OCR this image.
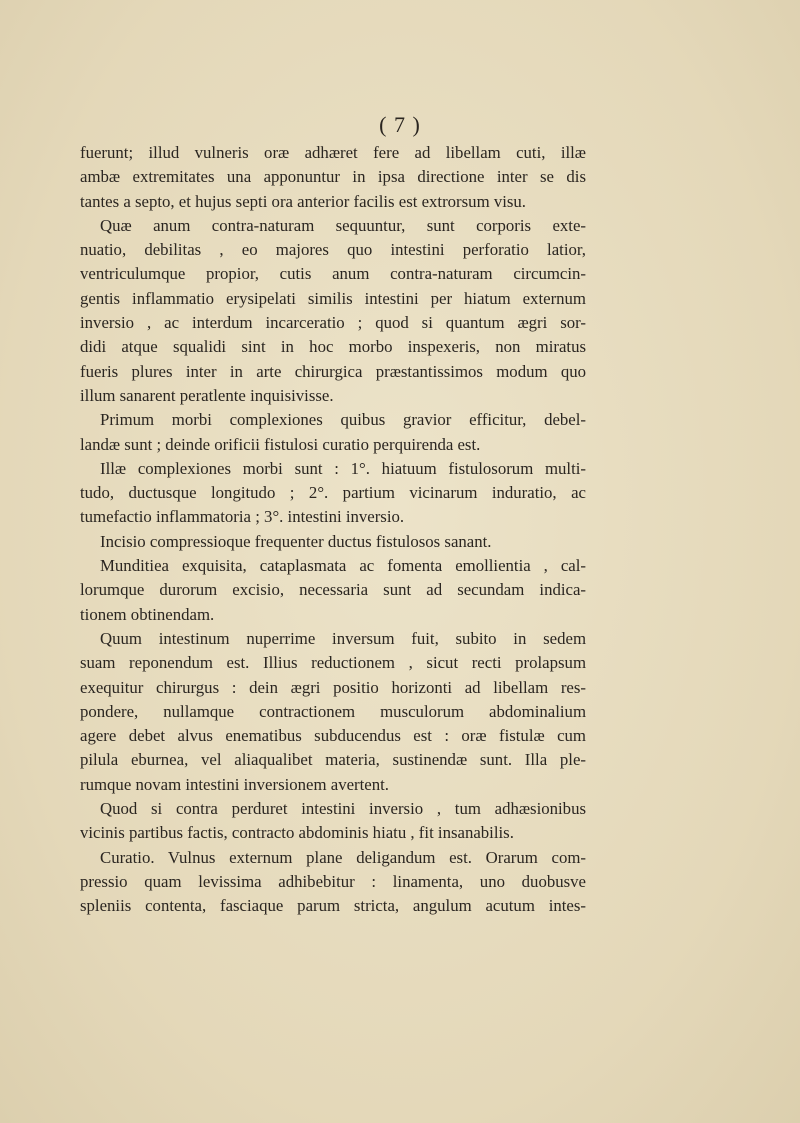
( 7 )
fuerunt; illud vulneris oræ adhæret fere ad libellam cuti, illæ
ambæ extremitates una apponuntur in ipsa directione inter se dis
tantes a septo, et hujus septi ora anterior facilis est extrorsum visu.
Quæ anum contra-naturam sequuntur, sunt corporis exte-
nuatio, debilitas , eo majores quo intestini perforatio latior,
ventriculumque propior, cutis anum contra-naturam circumcin-
gentis inflammatio erysipelati similis intestini per hiatum externum
inversio , ac interdum incarceratio ; quod si quantum ægri sor-
didi atque squalidi sint in hoc morbo inspexeris, non miratus
fueris plures inter in arte chirurgica præstantissimos modum quo
illum sanarent peratlente inquisivisse.
Primum morbi complexiones quibus gravior efficitur, debel-
landæ sunt ; deinde orificii fistulosi curatio perquirenda est.
Illæ complexiones morbi sunt : 1°. hiatuum fistulosorum multi-
tudo, ductusque longitudo ; 2°. partium vicinarum induratio, ac
tumefactio inflammatoria ; 3°. intestini inversio.
Incisio compressioque frequenter ductus fistulosos sanant.
Munditiea exquisita, cataplasmata ac fomenta emollientia , cal-
lorumque durorum excisio, necessaria sunt ad secundam indica-
tionem obtinendam.
Quum intestinum nuperrime inversum fuit, subito in sedem
suam reponendum est. Illius reductionem , sicut recti prolapsum
exequitur chirurgus : dein ægri positio horizonti ad libellam res-
pondere, nullamque contractionem musculorum abdominalium
agere debet alvus enematibus subducendus est : oræ fistulæ cum
pilula eburnea, vel aliaqualibet materia, sustinendæ sunt. Illa ple-
rumque novam intestini inversionem avertent.
Quod si contra perduret intestini inversio , tum adhæsionibus
vicinis partibus factis, contracto abdominis hiatu , fit insanabilis.
Curatio. Vulnus externum plane deligandum est. Orarum com-
pressio quam levissima adhibebitur : linamenta, uno duobusve
spleniis contenta, fasciaque parum stricta, angulum acutum intes-
